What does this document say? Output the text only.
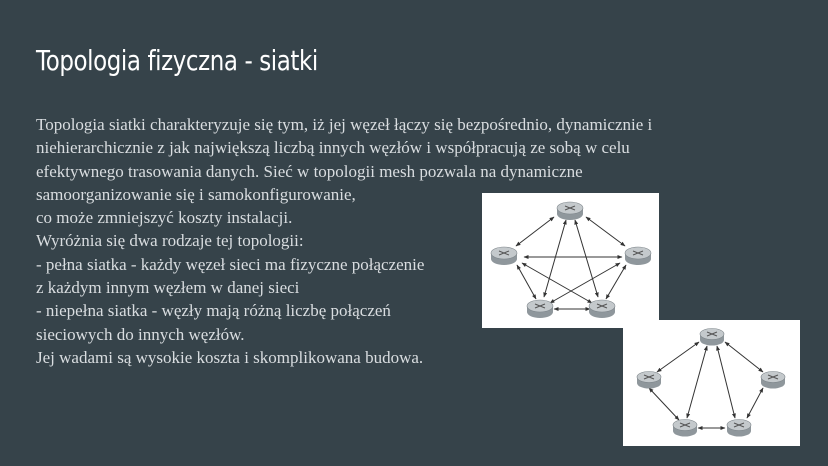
Topologia fizyczna - siatki
Topologia siatki charakteryzuje się tym, iż jej węzeł łączy się bezpośrednio, dynamicznie i
niehierarchicznie z jak największą liczbą innych węzłów i współpracują ze sobą w celu
efektywnego trasowania danych. Sieć w topologii mesh pozwala na dynamiczne
samoorganizowanie się i samokonfigurowanie,
co może zmniejszyć koszty instalacji.
Wyróżnia się dwa rodzaje tej topologii:
- pełna siatka - każdy węzeł sieci ma fizyczne połączenie
z każdym innym węzłem w danej sieci
- niepełna siatka - węzły mają różną liczbę połączeń
sieciowych do innych węzłów.
Jej wadami są wysokie koszta i skomplikowana budowa.
